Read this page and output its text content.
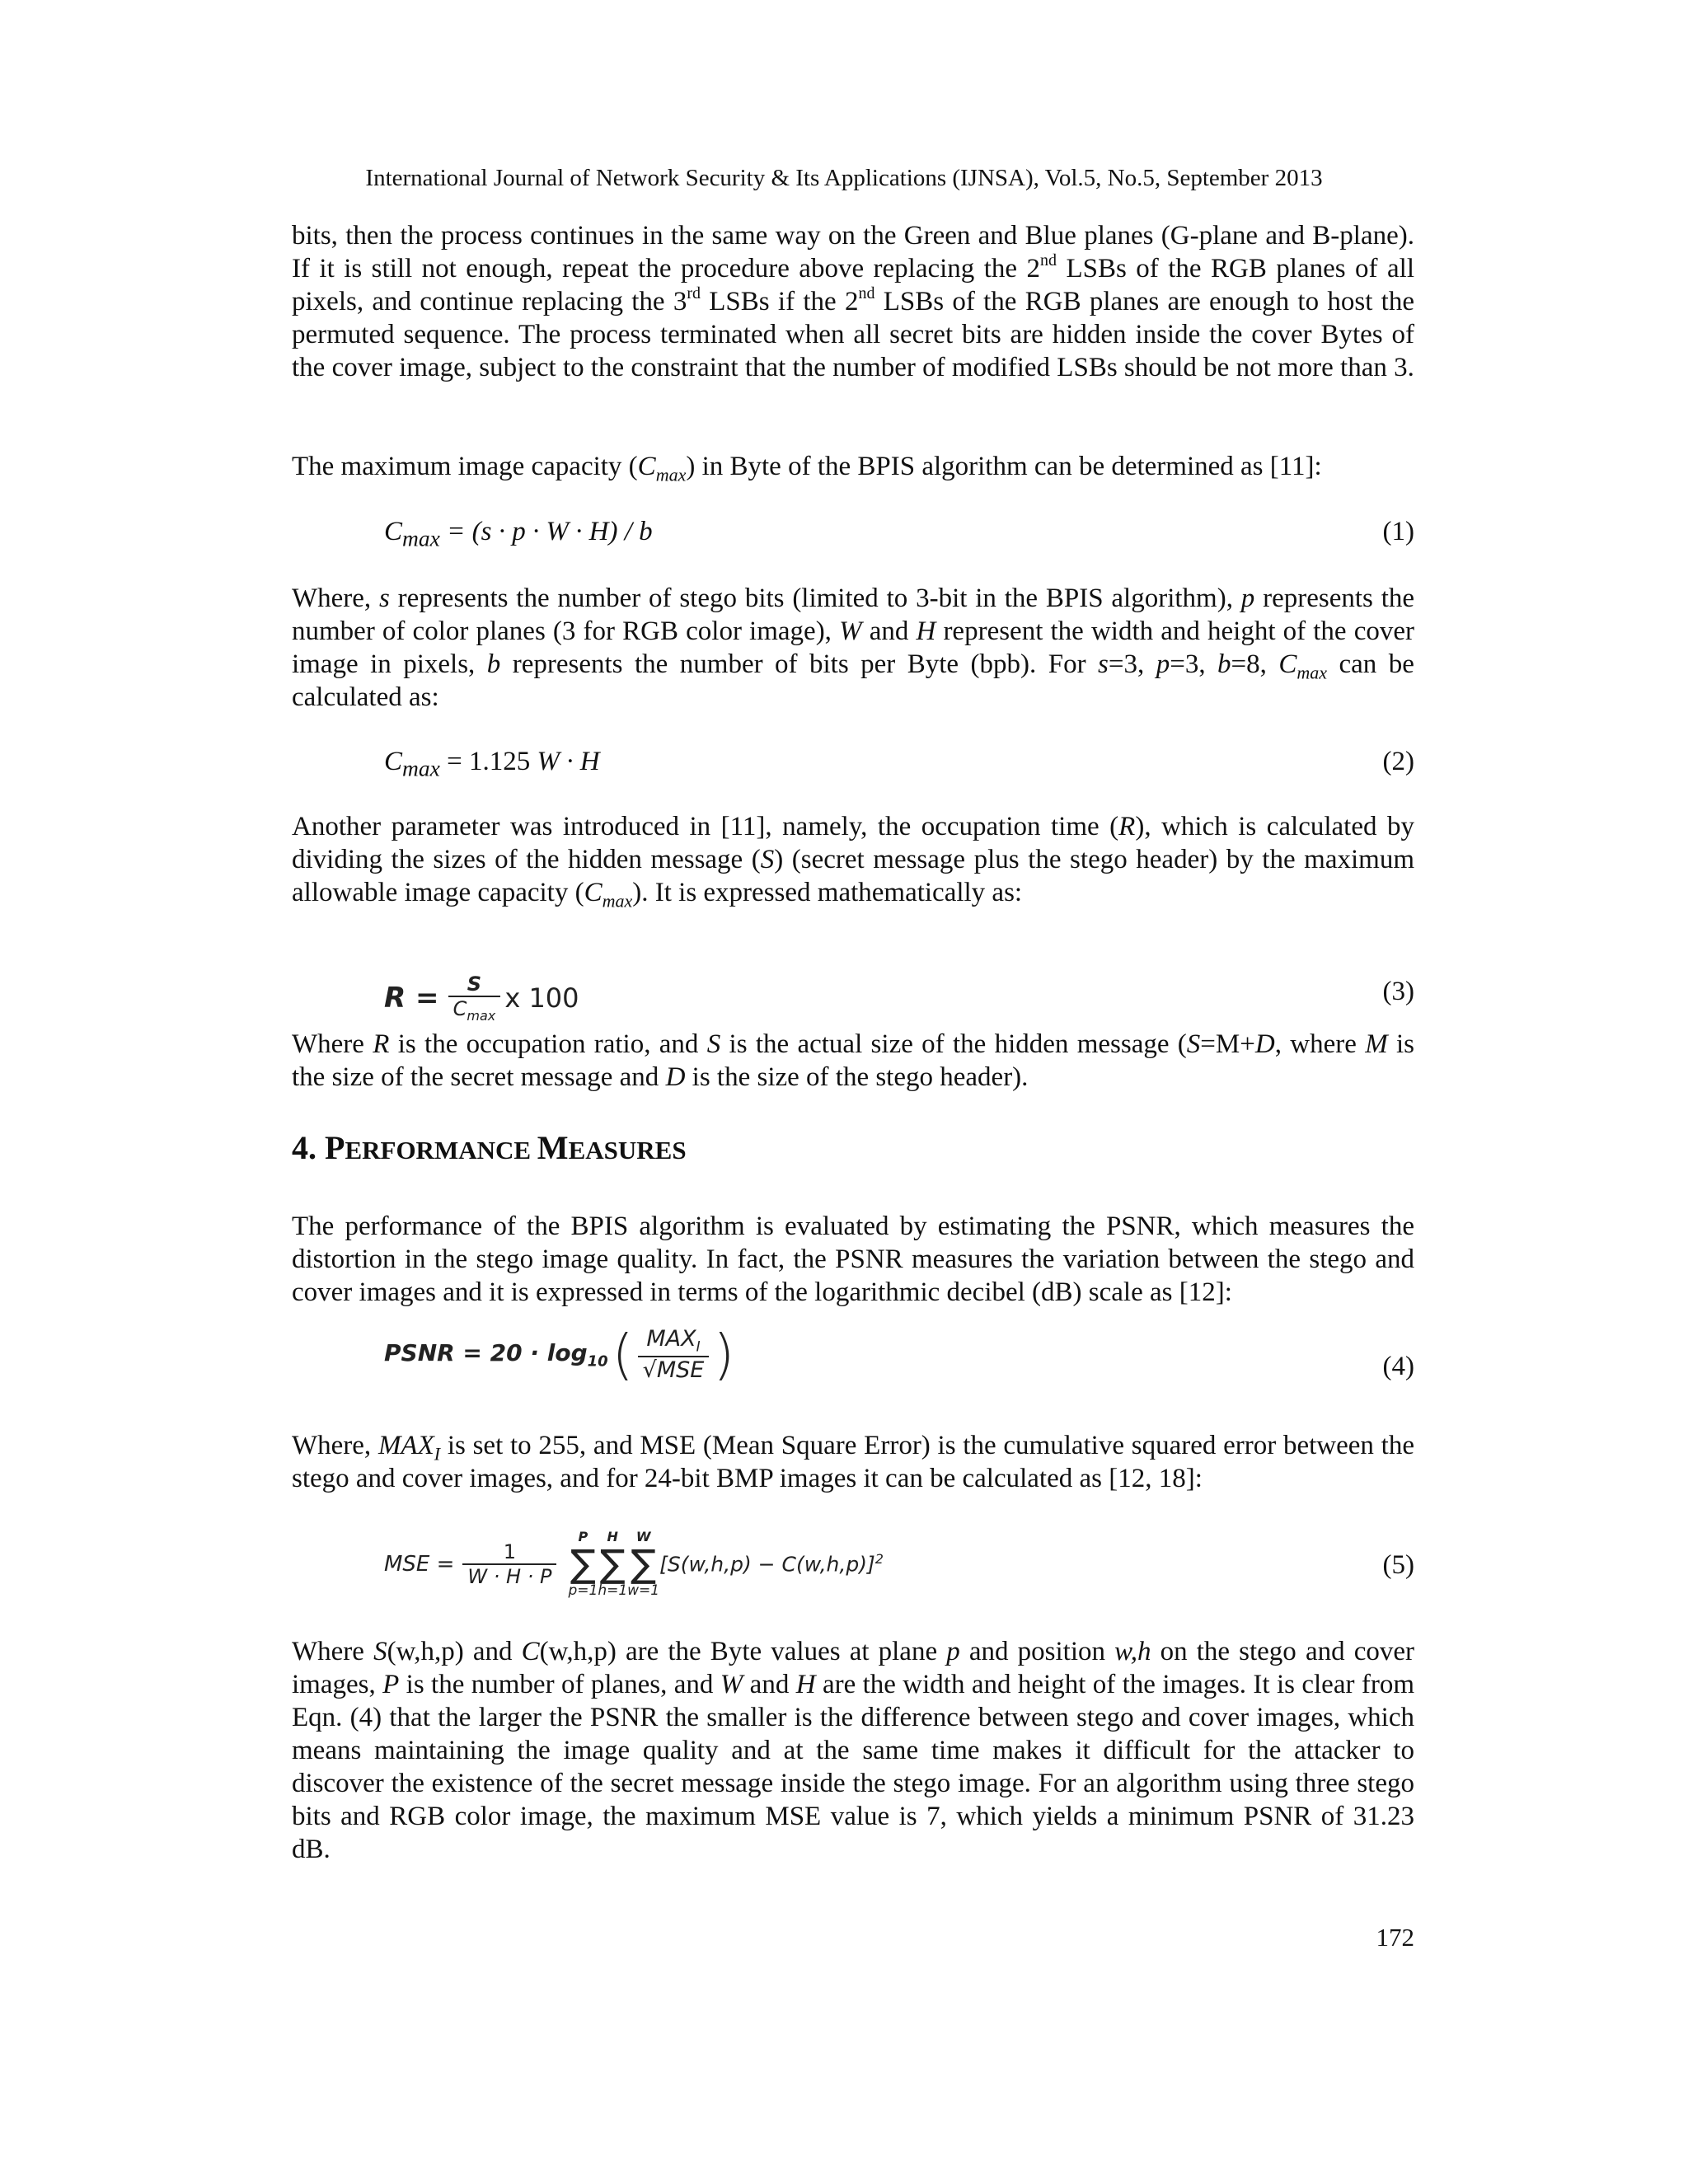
International Journal of Network Security & Its Applications (IJNSA), Vol.5, No.5, September 2013
bits, then the process continues in the same way on the Green and Blue planes (G-plane and B-plane). If it is still not enough, repeat the procedure above replacing the 2nd LSBs of the RGB planes of all pixels, and continue replacing the 3rd LSBs if the 2nd LSBs of the RGB planes are enough to host the permuted sequence. The process terminated when all secret bits are hidden inside the cover Bytes of the cover image, subject to the constraint that the number of modified LSBs should be not more than 3.
The maximum image capacity $(C_{max})$ in Byte of the BPIS algorithm can be determined as [11]:
$C_{max} = (s \cdot p \cdot W \cdot H) / b$	(1)
Where, s represents the number of stego bits (limited to 3-bit in the BPIS algorithm), p represents the number of color planes (3 for RGB color image), W and H represent the width and height of the cover image in pixels, b represents the number of bits per Byte (bpb). For s=3, p=3, b=8, $C_{max}$ can be calculated as:
$C_{max} = 1.125$ W · H	(2)
Another parameter was introduced in [11], namely, the occupation time (R), which is calculated by dividing the sizes of the hidden message (S) (secret message plus the stego header) by the maximum allowable image capacity $(C_{max})$. It is expressed mathematically as:
$R = \frac{S}{C_{max}}$ x 100	(3)
Where R is the occupation ratio, and S is the actual size of the hidden message (S=M+D, where M is the size of the secret message and D is the size of the stego header).
4. PERFORMANCE MEASURES
The performance of the BPIS algorithm is evaluated by estimating the PSNR, which measures the distortion in the stego image quality. In fact, the PSNR measures the variation between the stego and cover images and it is expressed in terms of the logarithmic decibel (dB) scale as [12]:
PSNR = $20 \cdot \log_{10}$ ( $\frac{MAX_I}{\text{√MSE}}$ )	(4)
Where, $MAX_I$ is set to 255, and MSE (Mean Square Error) is the cumulative squared error between the stego and cover images, and for 24-bit BMP images it can be calculated as [12, 18]:
MSE = $\frac{1}{W \cdot H \cdot P}$
P
∑
p=1
H
∑
h=1
W
∑
w=1
$[S(w,h,p) - C(w,h,p)]^2$	(5)
Where S(w,h,p) and C(w,h,p) are the Byte values at plane p and position w,h on the stego and cover images, P is the number of planes, and W and H are the width and height of the images. It is clear from Eqn. (4) that the larger the PSNR the smaller is the difference between stego and cover images, which means maintaining the image quality and at the same time makes it difficult for the attacker to discover the existence of the secret message inside the stego image. For an algorithm using three stego bits and RGB color image, the maximum MSE value is 7, which yields a minimum PSNR of 31.23 dB.
172
